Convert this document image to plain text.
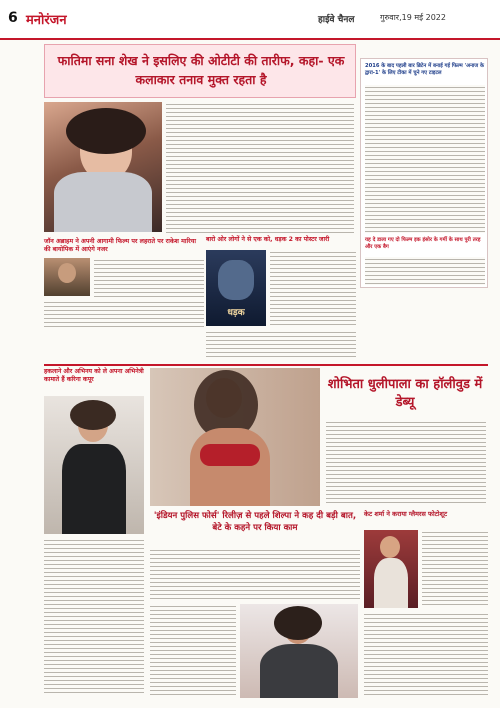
6 मनोरंजन	हाईवे चैनल	गुरुवार,19 मई 2022
फातिमा सना शेख ने इसलिए की ओटीटी की तारीफ, कहा- एक कलाकार तनाव मुक्त रहता है
2016 के बाद पहली बार ब्रिटेन में बनाई गई फिल्म 'अनाज के द्वारा-1' के लिए टीका में चुने गए टाइटल
यह दे डाला गए दो फिल्म इक इंसोर के गर्मी के साथ पुरी तरह और एक बैग
जॉन अब्राहम ने अपनी आगामी फिल्म पर लहराते पर राकेश मारिया की बायोपिक में आएंगे नजर
बारो ओर लोगों ने से एक को, धड़क 2 का पोस्टर जारी
धड़क
हकलाने और अभिनय को ले अपना अभिनेत्री कामाते हैं करिना कपूर	शोभिता धुलीपाला का हॉलीवुड में डेब्यू
'इंडियन पुलिस फोर्स' रिलीज़ से पहले शिल्पा ने कह दी बड़ी बात, बेटे के कहने पर किया काम
केट शर्मा ने कराया ग्लैमरस फोटोशूट
